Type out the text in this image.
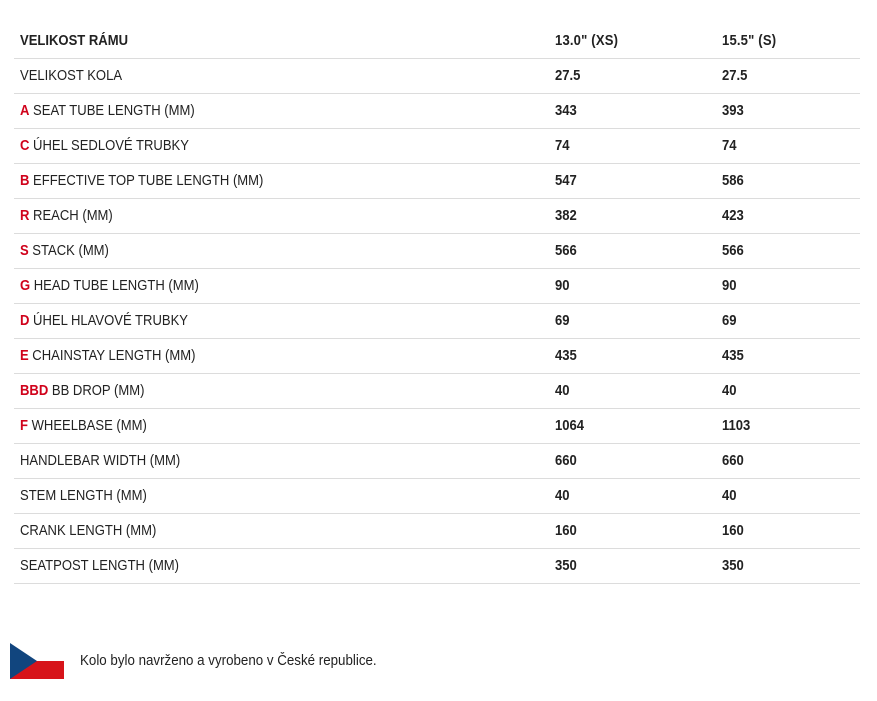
VELIKOST RÁMU	13.0" (XS)	15.5" (S)
VELIKOST KOLA	27.5	27.5
A SEAT TUBE LENGTH (MM)	343	393
C ÚHEL SEDLOVÉ TRUBKY	74	74
B EFFECTIVE TOP TUBE LENGTH (MM)	547	586
R REACH (MM)	382	423
S STACK (MM)	566	566
G HEAD TUBE LENGTH (MM)	90	90
D ÚHEL HLAVOVÉ TRUBKY	69	69
E CHAINSTAY LENGTH (MM)	435	435
BBD BB DROP (MM)	40	40
F WHEELBASE (MM)	1064	1103
HANDLEBAR WIDTH (MM)	660	660
STEM LENGTH (MM)	40	40
CRANK LENGTH (MM)	160	160
SEATPOST LENGTH (MM)	350	350
Kolo bylo navrženo a vyrobeno v České republice.
